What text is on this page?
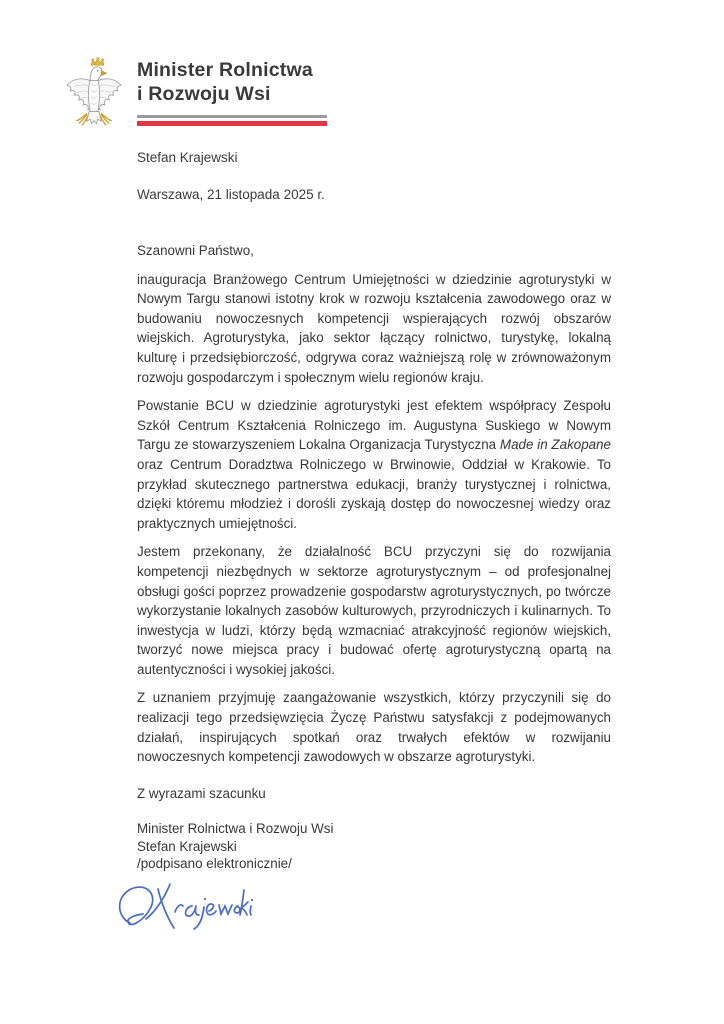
Minister Rolnictwa
i Rozwoju Wsi
Stefan Krajewski
Warszawa, 21 listopada 2025 r.

Szanowni Państwo,

inauguracja Branżowego Centrum Umiejętności w dziedzinie agroturystyki w Nowym Targu stanowi istotny krok w rozwoju kształcenia zawodowego oraz w budowaniu nowoczesnych kompetencji wspierających rozwój obszarów wiejskich. Agroturystyka, jako sektor łączący rolnictwo, turystykę, lokalną kulturę i przedsiębiorczość, odgrywa coraz ważniejszą rolę w zrównoważonym rozwoju gospodarczym i społecznym wielu regionów kraju.

Powstanie BCU w dziedzinie agroturystyki jest efektem współpracy Zespołu Szkół Centrum Kształcenia Rolniczego im. Augustyna Suskiego w Nowym Targu ze stowarzyszeniem Lokalna Organizacja Turystyczna Made in Zakopane oraz Centrum Doradztwa Rolniczego w Brwinowie, Oddział w Krakowie. To przykład skutecznego partnerstwa edukacji, branży turystycznej i rolnictwa, dzięki któremu młodzież i dorośli zyskają dostęp do nowoczesnej wiedzy oraz praktycznych umiejętności.

Jestem przekonany, że działalność BCU przyczyni się do rozwijania kompetencji niezbędnych w sektorze agroturystycznym – od profesjonalnej obsługi gości poprzez prowadzenie gospodarstw agroturystycznych, po twórcze wykorzystanie lokalnych zasobów kulturowych, przyrodniczych i kulinarnych. To inwestycja w ludzi, którzy będą wzmacniać atrakcyjność regionów wiejskich, tworzyć nowe miejsca pracy i budować ofertę agroturystyczną opartą na autentyczności i wysokiej jakości.

Z uznaniem przyjmuję zaangażowanie wszystkich, którzy przyczynili się do realizacji tego przedsięwzięcia Życzę Państwu satysfakcji z podejmowanych działań, inspirujących spotkań oraz trwałych efektów w rozwijaniu nowoczesnych kompetencji zawodowych w obszarze agroturystyki.

Z wyrazami szacunku

Minister Rolnictwa i Rozwoju Wsi
Stefan Krajewski
/podpisano elektronicznie/
